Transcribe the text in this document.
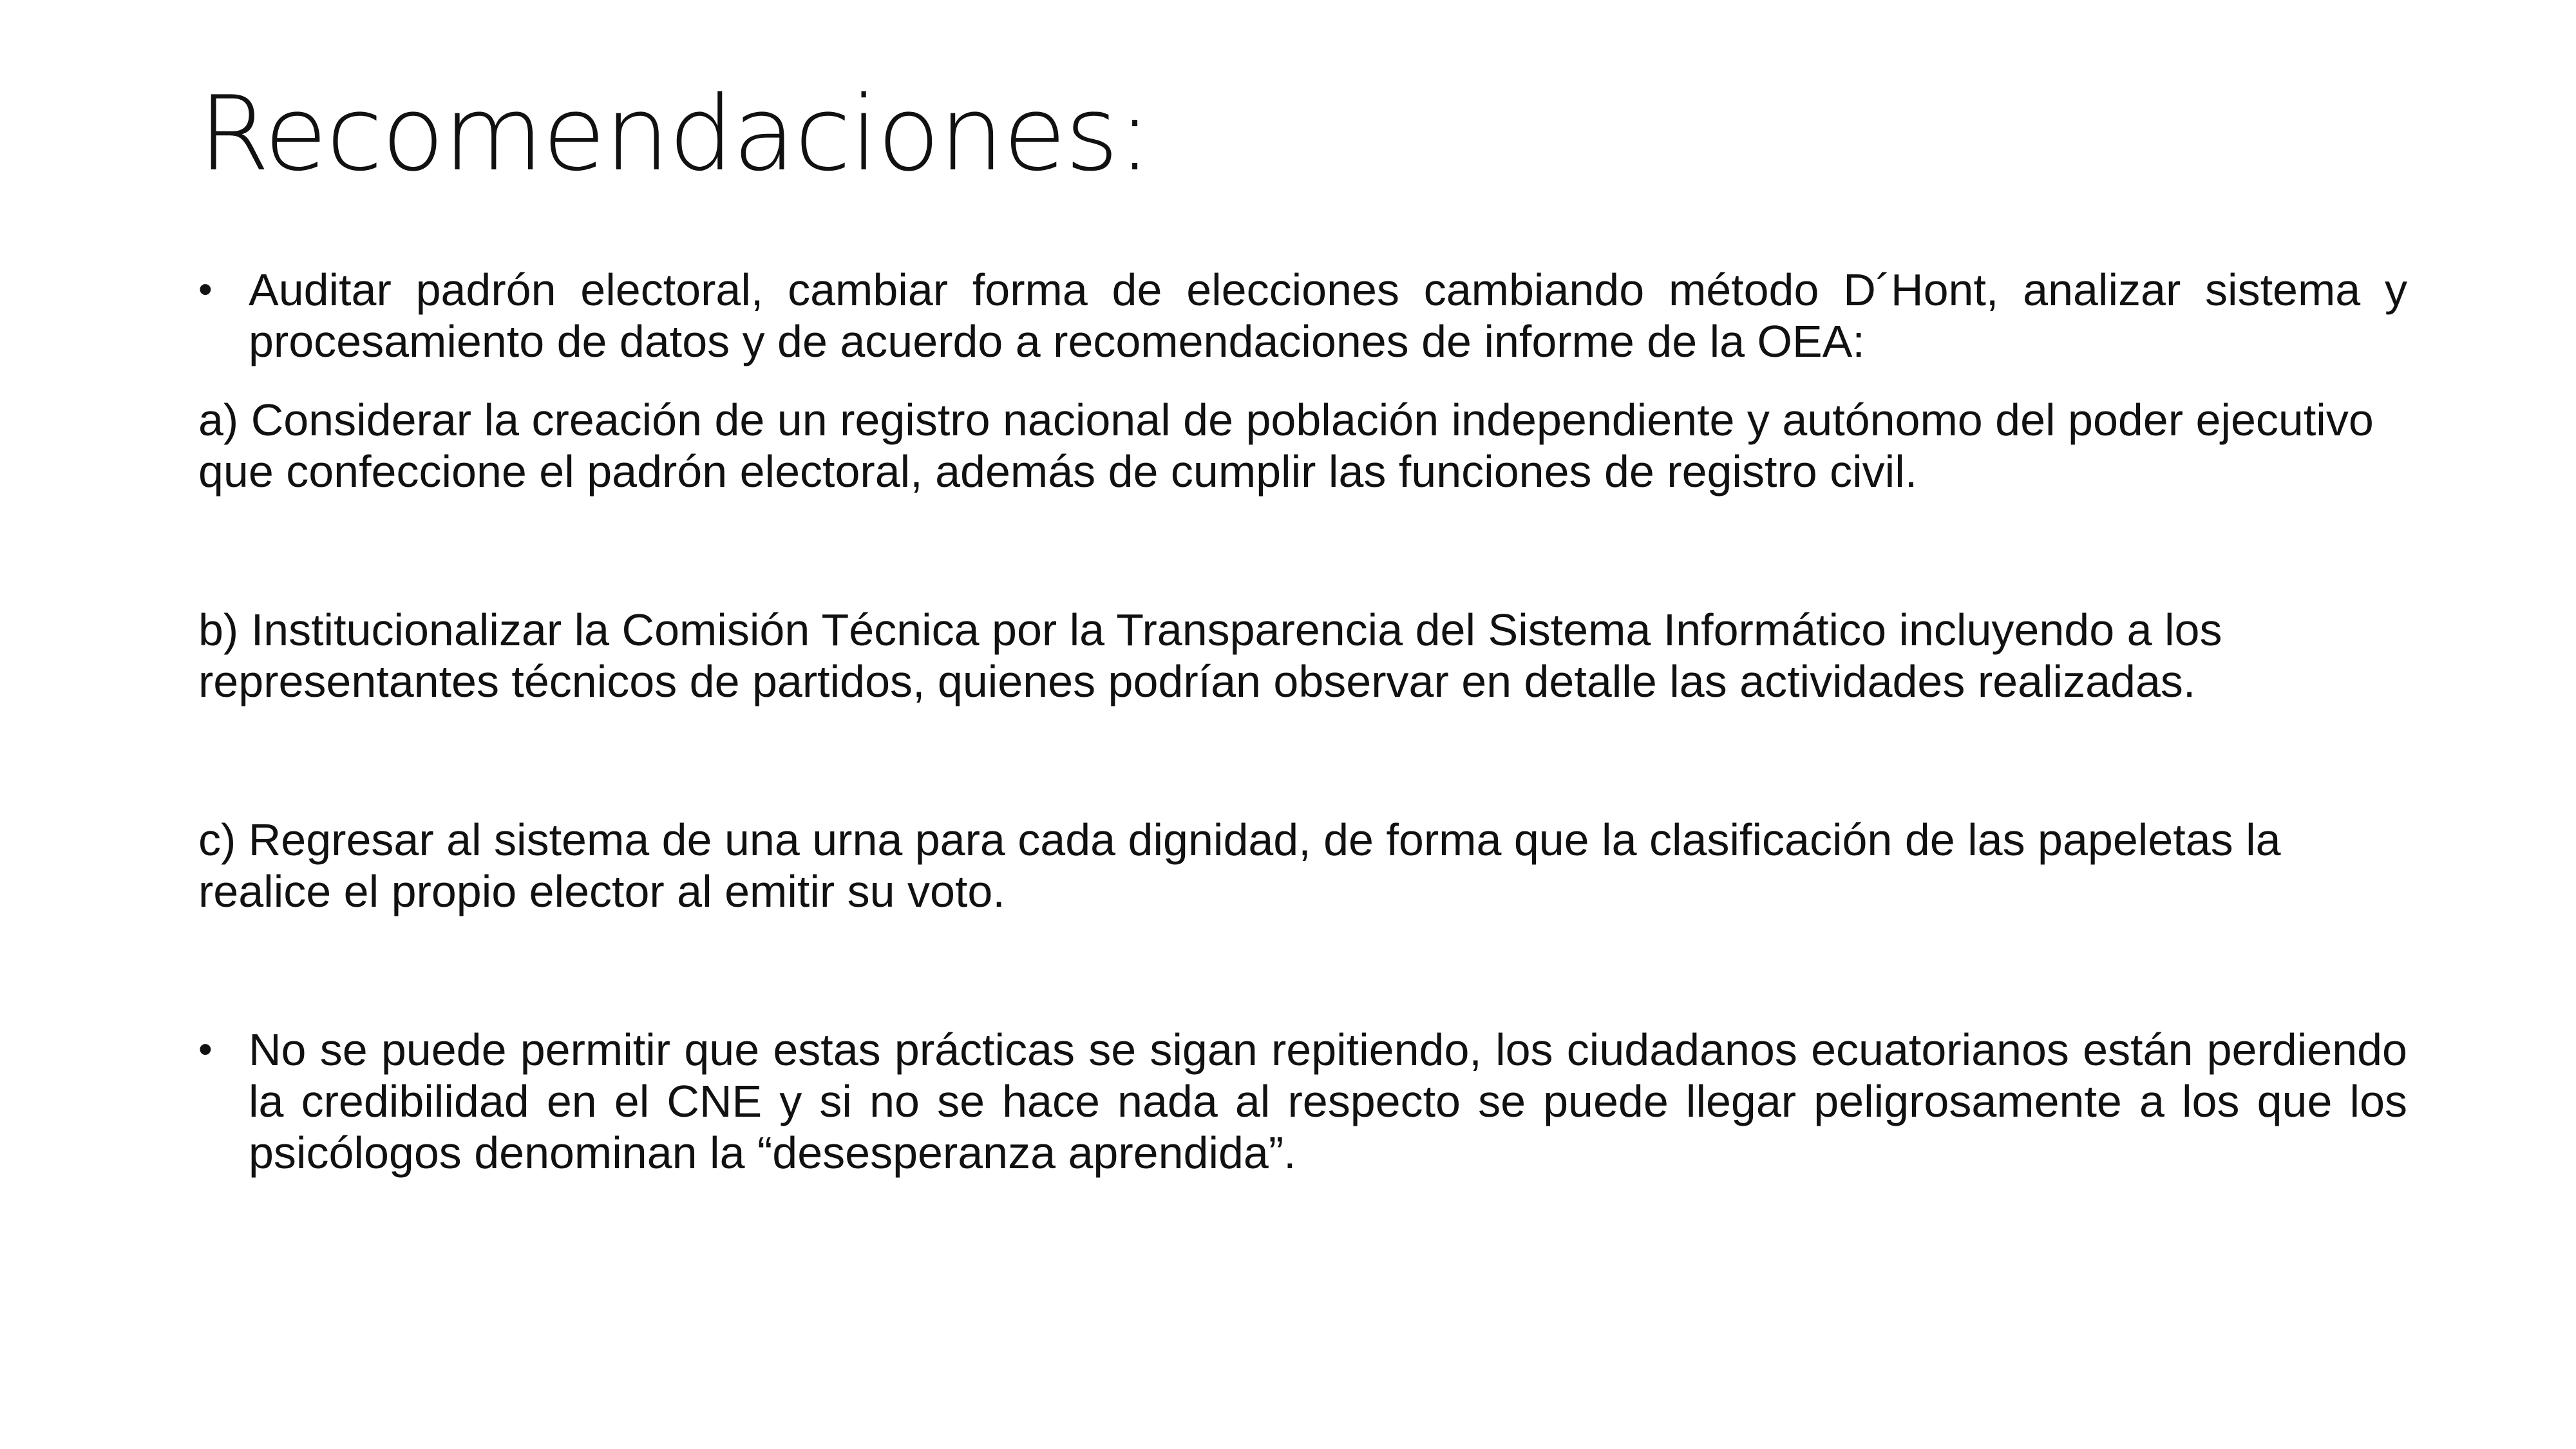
Recomendaciones:

• Auditar padrón electoral, cambiar forma de elecciones cambiando método D´Hont, analizar sistema y procesamiento de datos y de acuerdo a recomendaciones de informe de la OEA:

a) Considerar la creación de un registro nacional de población independiente y autónomo del poder ejecutivo que confeccione el padrón electoral, además de cumplir las funciones de registro civil.

b) Institucionalizar la Comisión Técnica por la Transparencia del Sistema Informático incluyendo a los representantes técnicos de partidos, quienes podrían observar en detalle las actividades realizadas.

c) Regresar al sistema de una urna para cada dignidad, de forma que la clasificación de las papeletas la realice el propio elector al emitir su voto.

• No se puede permitir que estas prácticas se sigan repitiendo, los ciudadanos ecuatorianos están perdiendo la credibilidad en el CNE y si no se hace nada al respecto se puede llegar peligrosamente a los que los psicólogos denominan la “desesperanza aprendida”.
